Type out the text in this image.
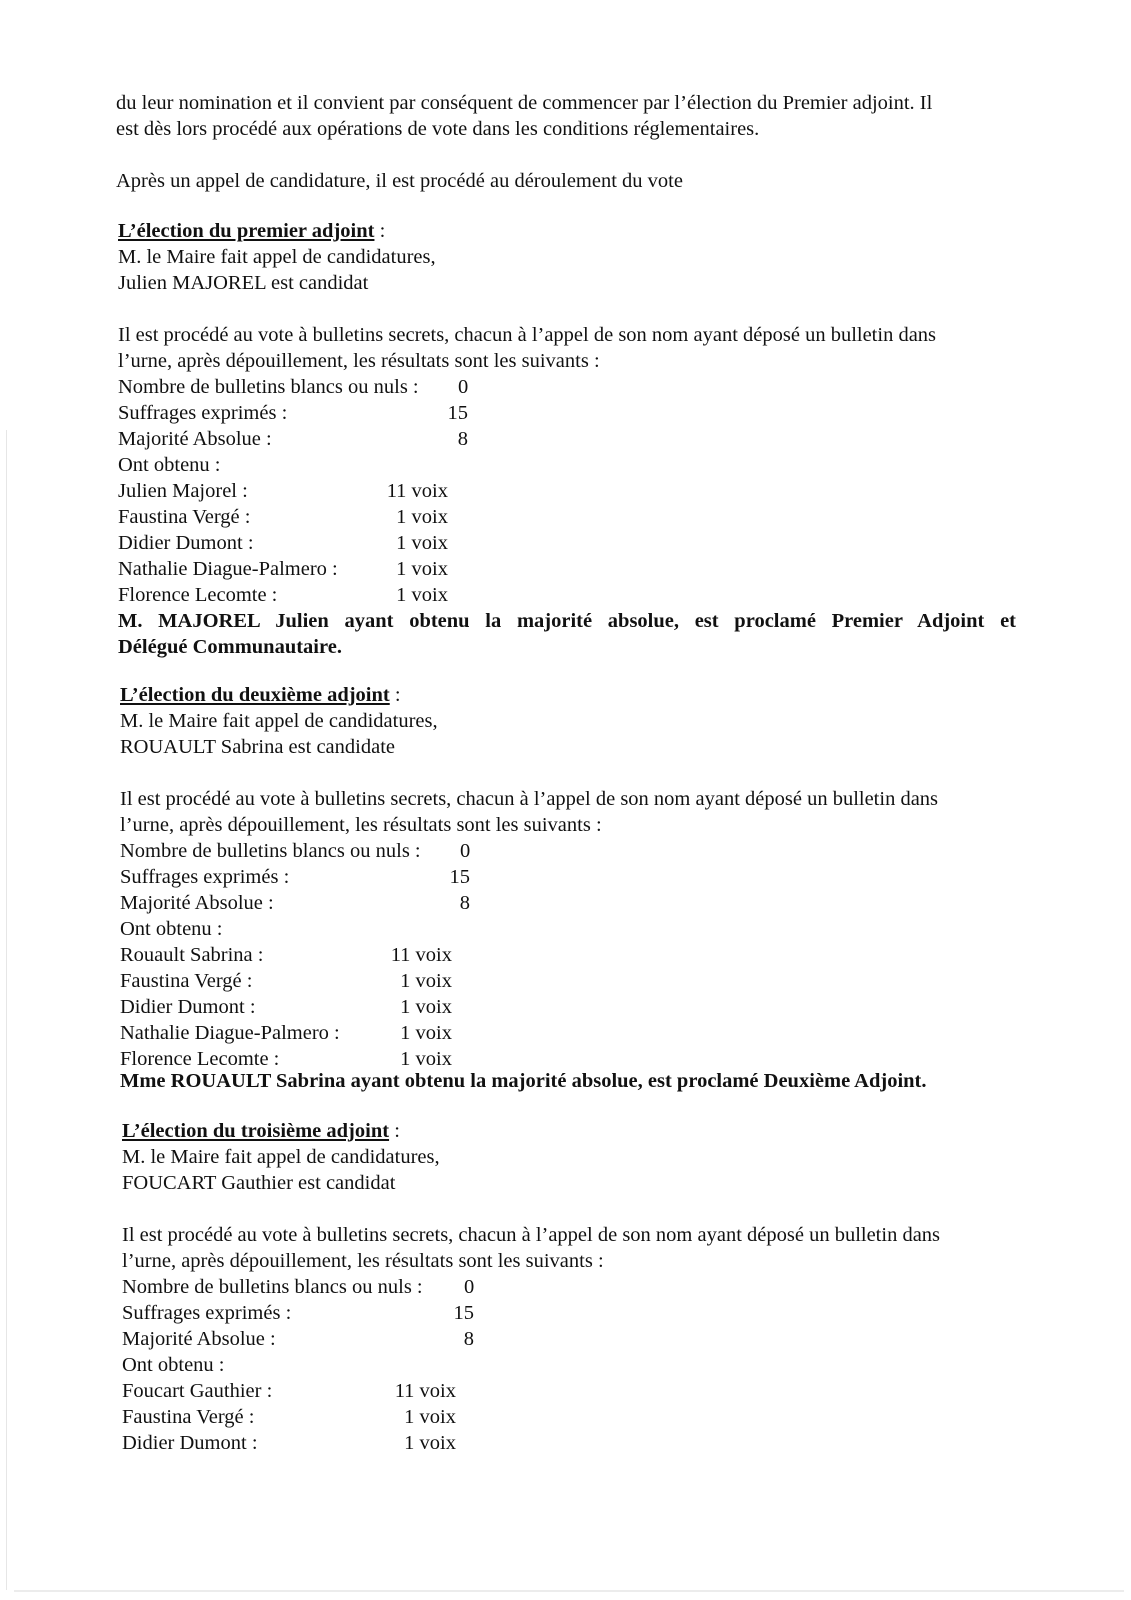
du leur nomination et il convient par conséquent de commencer par l’élection du Premier adjoint. Il

est dès lors procédé aux opérations de vote dans les conditions réglementaires.

Après un appel de candidature, il est procédé au déroulement du vote

L’élection du premier adjoint :

M. le Maire fait appel de candidatures,

Julien MAJOREL est candidat

Il est procédé au vote à bulletins secrets, chacun à l’appel de son nom ayant déposé un bulletin dans

l’urne, après dépouillement, les résultats sont les suivants :

Nombre de bulletins blancs ou nuls :	0
Suffrages exprimés :	15
Majorité Absolue :	8

Ont obtenu :

Julien Majorel :	11 voix
Faustina Vergé :	1 voix
Didier Dumont :	1 voix
Nathalie Diague-Palmero :	1 voix
Florence Lecomte :	1 voix

M. MAJOREL Julien ayant obtenu la majorité absolue, est proclamé Premier Adjoint et

Délégué Communautaire.

L’élection du deuxième adjoint :

M. le Maire fait appel de candidatures,

ROUAULT Sabrina est candidate

Il est procédé au vote à bulletins secrets, chacun à l’appel de son nom ayant déposé un bulletin dans

l’urne, après dépouillement, les résultats sont les suivants :

Nombre de bulletins blancs ou nuls :	0
Suffrages exprimés :	15
Majorité Absolue :	8

Ont obtenu :

Rouault Sabrina :	11 voix
Faustina Vergé :	1 voix
Didier Dumont :	1 voix
Nathalie Diague-Palmero :	1 voix
Florence Lecomte :	1 voix

Mme ROUAULT Sabrina ayant obtenu la majorité absolue, est proclamé Deuxième Adjoint.

L’élection du troisième adjoint :

M. le Maire fait appel de candidatures,

FOUCART Gauthier est candidat

Il est procédé au vote à bulletins secrets, chacun à l’appel de son nom ayant déposé un bulletin dans

l’urne, après dépouillement, les résultats sont les suivants :

Nombre de bulletins blancs ou nuls :	0
Suffrages exprimés :	15
Majorité Absolue :	8

Ont obtenu :

Foucart Gauthier :	11 voix
Faustina Vergé :	1 voix
Didier Dumont :	1 voix
